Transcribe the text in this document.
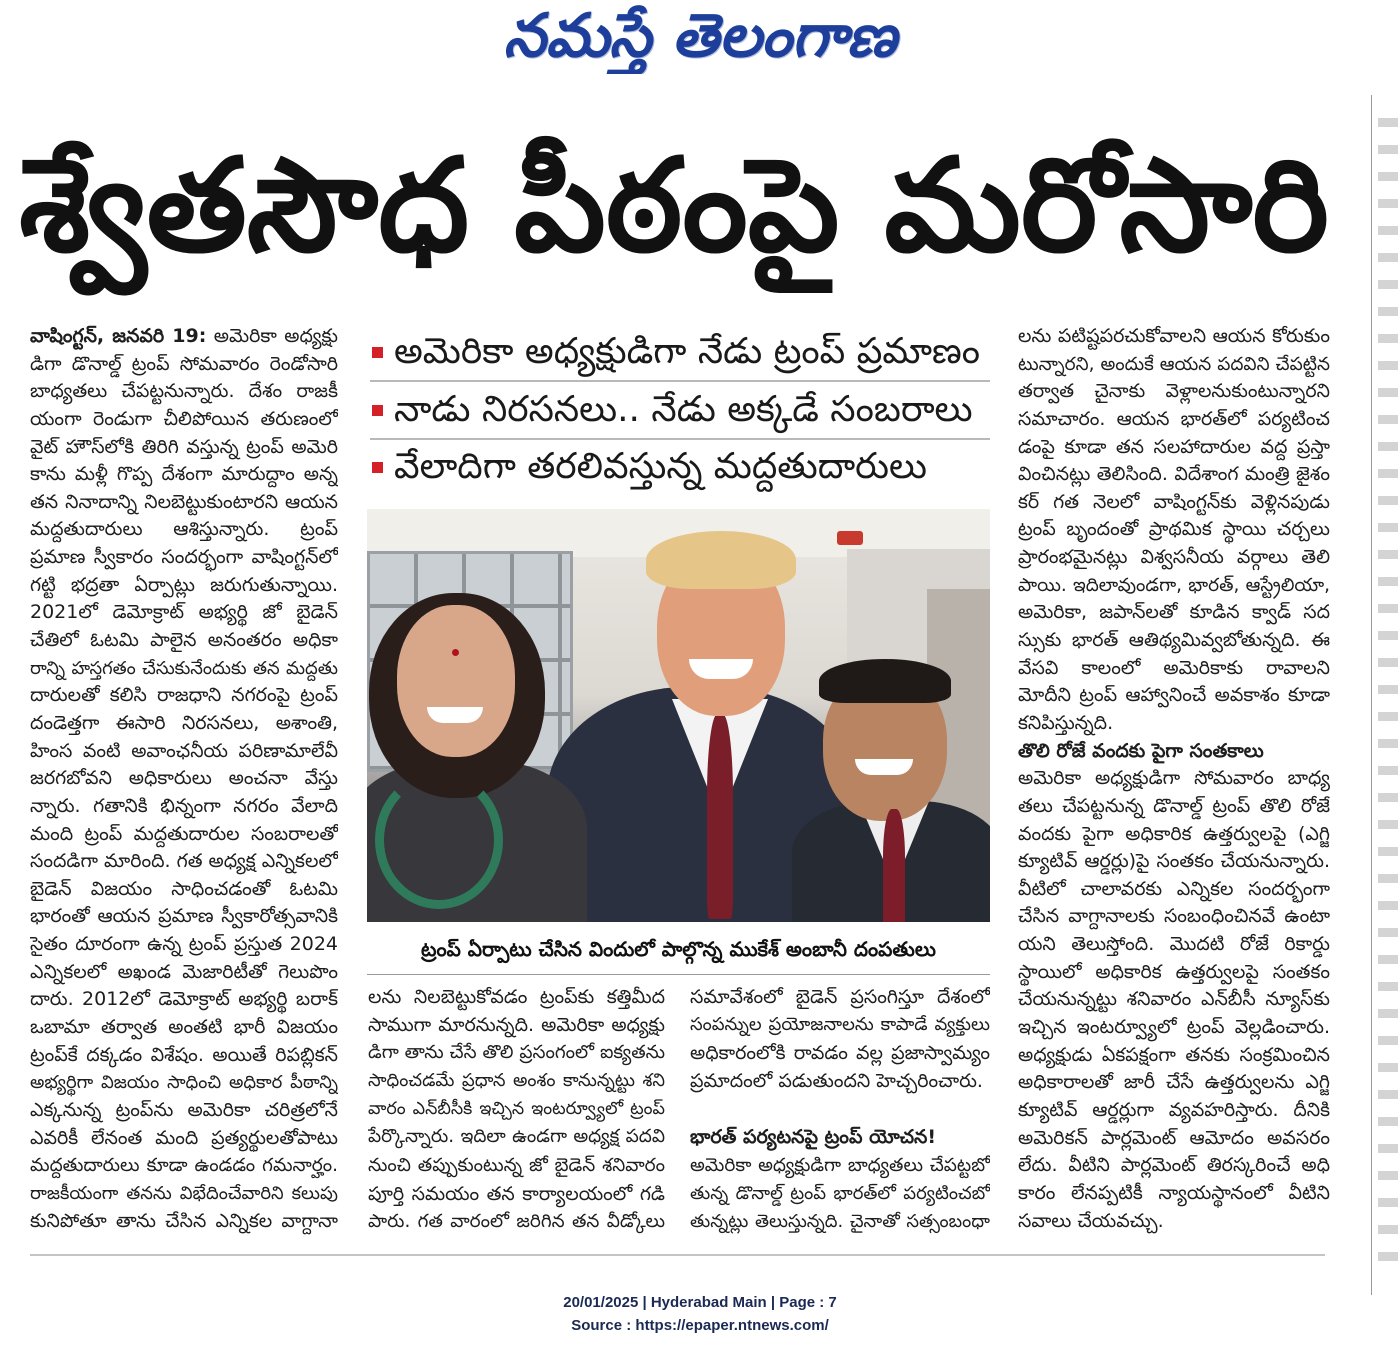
నమస్తే తెలంగాణ
శ్వేతసౌధ పీఠంపై మరోసారి
వాషింగ్టన్, జనవరి 19: అమెరికా అధ్యక్షు
డిగా డొనాల్డ్ ట్రంప్ సోమవారం రెండోసారి
బాధ్యతలు చేపట్టనున్నారు. దేశం రాజకీ
యంగా రెండుగా చీలిపోయిన తరుణంలో
వైట్ హౌస్‌లోకి తిరిగి వస్తున్న ట్రంప్ అమెరి
కాను మళ్లీ గొప్ప దేశంగా మారుద్దాం అన్న
తన నినాదాన్ని నిలబెట్టుకుంటారని ఆయన
మద్దతుదారులు ఆశిస్తున్నారు. ట్రంప్
ప్రమాణ స్వీకారం సందర్భంగా వాషింగ్టన్‌లో
గట్టి భద్రతా ఏర్పాట్లు జరుగుతున్నాయి.
2021లో డెమోక్రాట్ అభ్యర్థి జో బైడెన్
చేతిలో ఓటమి పాలైన అనంతరం అధికా
రాన్ని హస్తగతం చేసుకునేందుకు తన మద్దతు
దారులతో కలిసి రాజధాని నగరంపై ట్రంప్
దండెత్తగా ఈసారి నిరసనలు, అశాంతి,
హింస వంటి అవాంఛనీయ పరిణామాలేవీ
జరగబోవని అధికారులు అంచనా వేస్తు
న్నారు. గతానికి భిన్నంగా నగరం వేలాది
మంది ట్రంప్ మద్దతుదారుల సంబరాలతో
సందడిగా మారింది. గత అధ్యక్ష ఎన్నికలలో
బైడెన్ విజయం సాధించడంతో ఓటమి
భారంతో ఆయన ప్రమాణ స్వీకారోత్సవానికి
సైతం దూరంగా ఉన్న ట్రంప్ ప్రస్తుత 2024
ఎన్నికలలో అఖండ మెజారిటీతో గెలుపొం
దారు. 2012లో డెమోక్రాట్ అభ్యర్థి బరాక్
ఒబామా తర్వాత అంతటి భారీ విజయం
ట్రంప్‌కే దక్కడం విశేషం. అయితే రిపబ్లికన్
అభ్యర్థిగా విజయం సాధించి అధికార పీఠాన్ని
ఎక్కనున్న ట్రంప్‌ను అమెరికా చరిత్రలోనే
ఎవరికీ లేనంత మంది ప్రత్యర్థులతోపాటు
మద్దతుదారులు కూడా ఉండడం గమనార్హం.
రాజకీయంగా తనను విభేదించేవారిని కలుపు
కునిపోతూ తాను చేసిన ఎన్నికల వాగ్దానా
అమెరికా అధ్యక్షుడిగా నేడు ట్రంప్ ప్రమాణం
నాడు నిరసనలు.. నేడు అక్కడే సంబరాలు
వేలాదిగా తరలివస్తున్న మద్దతుదారులు
ట్రంప్ ఏర్పాటు చేసిన విందులో పాల్గొన్న ముకేశ్ అంబానీ దంపతులు
లను నిలబెట్టుకోవడం ట్రంప్‌కు కత్తిమీద
సాముగా మారనున్నది. అమెరికా అధ్యక్షు
డిగా తాను చేసే తొలి ప్రసంగంలో ఐక్యతను
సాధించడమే ప్రధాన అంశం కానున్నట్టు శని
వారం ఎన్‌బీసీకి ఇచ్చిన ఇంటర్వ్యూలో ట్రంప్
పేర్కొన్నారు. ఇదిలా ఉండగా అధ్యక్ష పదవి
నుంచి తప్పుకుంటున్న జో బైడెన్ శనివారం
పూర్తి సమయం తన కార్యాలయంలో గడి
పారు. గత వారంలో జరిగిన తన వీడ్కోలు
సమావేశంలో బైడెన్ ప్రసంగిస్తూ దేశంలో
సంపన్నుల ప్రయోజనాలను కాపాడే వ్యక్తులు
అధికారంలోకి రావడం వల్ల ప్రజాస్వామ్యం
ప్రమాదంలో పడుతుందని హెచ్చరించారు.
భారత్ పర్యటనపై ట్రంప్ యోచన!
అమెరికా అధ్యక్షుడిగా బాధ్యతలు చేపట్టబో
తున్న డొనాల్డ్ ట్రంప్ భారత్‌లో పర్యటించబో
తున్నట్లు తెలుస్తున్నది. చైనాతో సత్సంబంధా
లను పటిష్టపరచుకోవాలని ఆయన కోరుకుం
టున్నారని, అందుకే ఆయన పదవిని చేపట్టిన
తర్వాత చైనాకు వెళ్లాలనుకుంటున్నారని
సమాచారం. ఆయన భారత్‌లో పర్యటించ
డంపై కూడా తన సలహాదారుల వద్ద ప్రస్తా
వించినట్లు తెలిసింది. విదేశాంగ మంత్రి జైశం
కర్ గత నెలలో వాషింగ్టన్‌కు వెళ్లినపుడు
ట్రంప్ బృందంతో ప్రాథమిక స్థాయి చర్చలు
ప్రారంభమైనట్లు విశ్వసనీయ వర్గాలు తెలి
పాయి. ఇదిలావుండగా, భారత్, ఆస్ట్రేలియా,
అమెరికా, జపాన్‌లతో కూడిన క్వాడ్ సద
స్సుకు భారత్ ఆతిథ్యమివ్వబోతున్నది. ఈ
వేసవి కాలంలో అమెరికాకు రావాలని
మోదీని ట్రంప్ ఆహ్వానించే అవకాశం కూడా
కనిపిస్తున్నది.
తొలి రోజే వందకు పైగా సంతకాలు
అమెరికా అధ్యక్షుడిగా సోమవారం బాధ్య
తలు చేపట్టనున్న డొనాల్డ్ ట్రంప్ తొలి రోజే
వందకు పైగా అధికారిక ఉత్తర్వులపై (ఎగ్జి
క్యూటివ్ ఆర్డర్లు)పై సంతకం చేయనున్నారు.
వీటిలో చాలావరకు ఎన్నికల సందర్భంగా
చేసిన వాగ్దానాలకు సంబంధించినవే ఉంటా
యని తెలుస్తోంది. మొదటి రోజే రికార్డు
స్థాయిలో అధికారిక ఉత్తర్వులపై సంతకం
చేయనున్నట్టు శనివారం ఎన్‌బీసీ న్యూస్‌కు
ఇచ్చిన ఇంటర్వ్యూలో ట్రంప్ వెల్లడించారు.
అధ్యక్షుడు ఏకపక్షంగా తనకు సంక్రమించిన
అధికారాలతో జారీ చేసే ఉత్తర్వులను ఎగ్జి
క్యూటివ్ ఆర్డర్లుగా వ్యవహరిస్తారు. దీనికి
అమెరికన్ పార్లమెంట్ ఆమోదం అవసరం
లేదు. వీటిని పార్లమెంట్ తిరస్కరించే అధి
కారం లేనప్పటికీ న్యాయస్థానంలో వీటిని
సవాలు చేయవచ్చు.
20/01/2025 | Hyderabad Main | Page : 7
Source : https://epaper.ntnews.com/
